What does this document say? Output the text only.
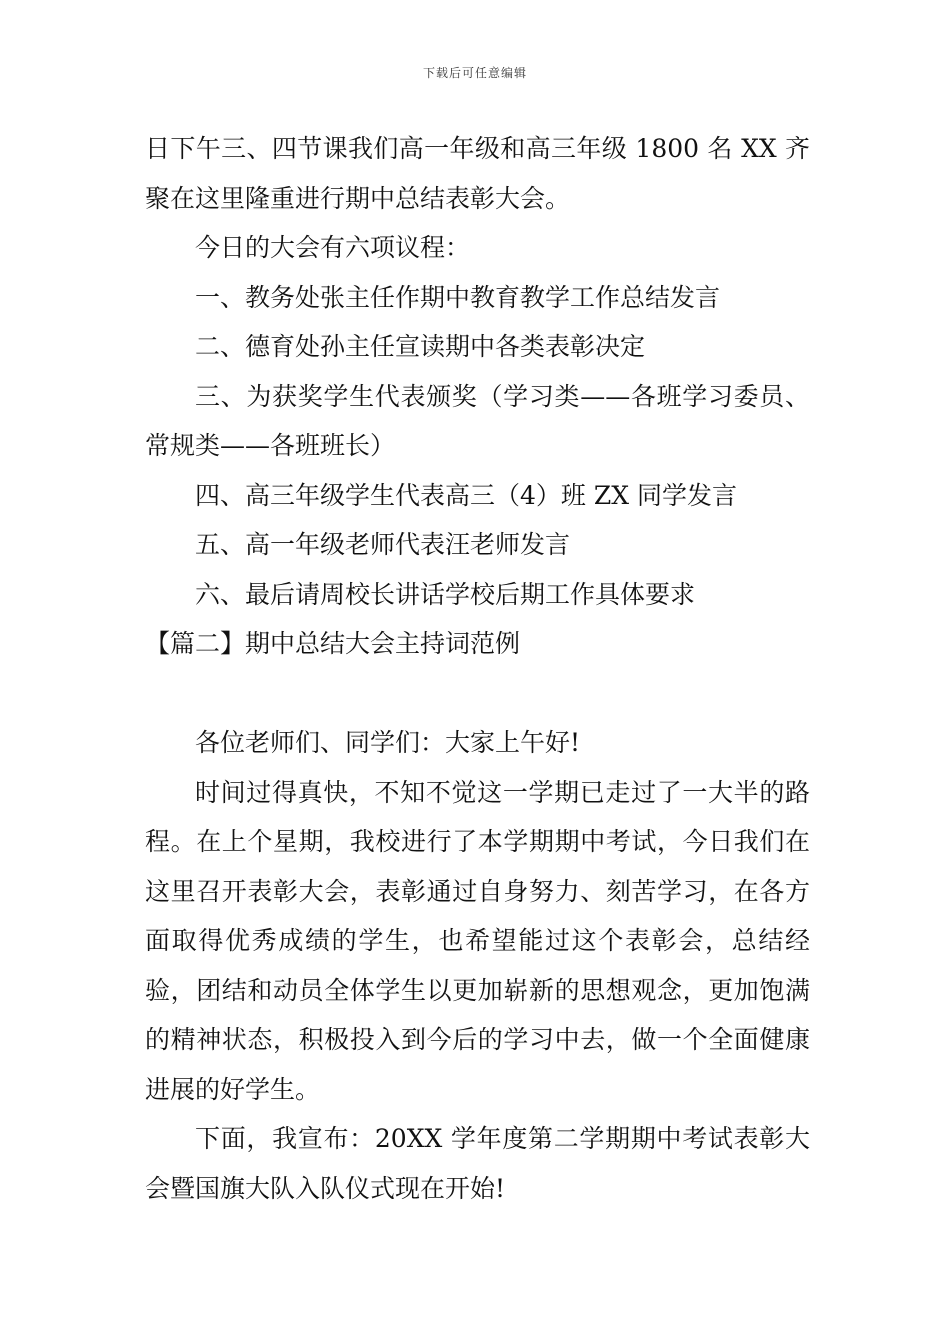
下载后可任意编辑

日下午三、四节课我们高一年级和高三年级 1800 名 XX 齐聚在这里隆重进行期中总结表彰大会。

今日的大会有六项议程：

一、教务处张主任作期中教育教学工作总结发言

二、德育处孙主任宣读期中各类表彰决定

三、为获奖学生代表颁奖（学习类——各班学习委员、常规类——各班班长）

四、高三年级学生代表高三（4）班 ZX 同学发言

五、高一年级老师代表汪老师发言

六、最后请周校长讲话学校后期工作具体要求

【篇二】期中总结大会主持词范例

各位老师们、同学们：大家上午好!

时间过得真快，不知不觉这一学期已走过了一大半的路程。在上个星期，我校进行了本学期期中考试，今日我们在这里召开表彰大会，表彰通过自身努力、刻苦学习，在各方面取得优秀成绩的学生，也希望能过这个表彰会，总结经验，团结和动员全体学生以更加崭新的思想观念，更加饱满的精神状态，积极投入到今后的学习中去，做一个全面健康进展的好学生。

下面，我宣布：20XX 学年度第二学期期中考试表彰大会暨国旗大队入队仪式现在开始!
